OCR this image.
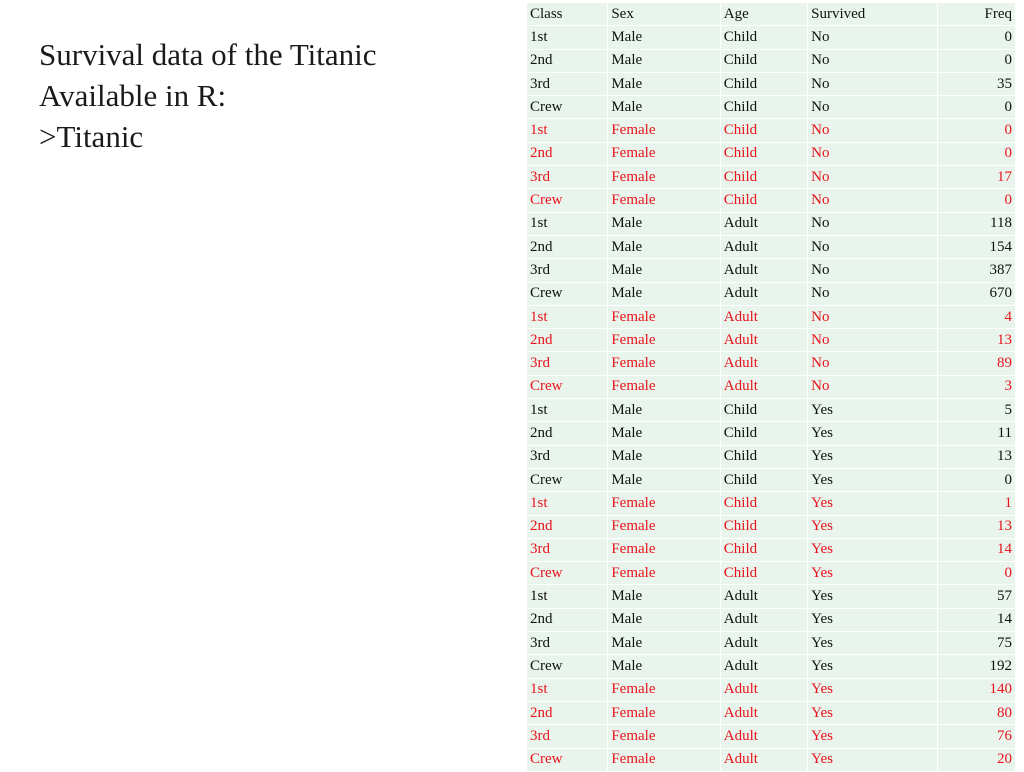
Survival data of the Titanic
Available in R:
>Titanic
Class	Sex	Age	Survived	Freq
1st	Male	Child	No	0
2nd	Male	Child	No	0
3rd	Male	Child	No	35
Crew	Male	Child	No	0
1st	Female	Child	No	0
2nd	Female	Child	No	0
3rd	Female	Child	No	17
Crew	Female	Child	No	0
1st	Male	Adult	No	118
2nd	Male	Adult	No	154
3rd	Male	Adult	No	387
Crew	Male	Adult	No	670
1st	Female	Adult	No	4
2nd	Female	Adult	No	13
3rd	Female	Adult	No	89
Crew	Female	Adult	No	3
1st	Male	Child	Yes	5
2nd	Male	Child	Yes	11
3rd	Male	Child	Yes	13
Crew	Male	Child	Yes	0
1st	Female	Child	Yes	1
2nd	Female	Child	Yes	13
3rd	Female	Child	Yes	14
Crew	Female	Child	Yes	0
1st	Male	Adult	Yes	57
2nd	Male	Adult	Yes	14
3rd	Male	Adult	Yes	75
Crew	Male	Adult	Yes	192
1st	Female	Adult	Yes	140
2nd	Female	Adult	Yes	80
3rd	Female	Adult	Yes	76
Crew	Female	Adult	Yes	20
